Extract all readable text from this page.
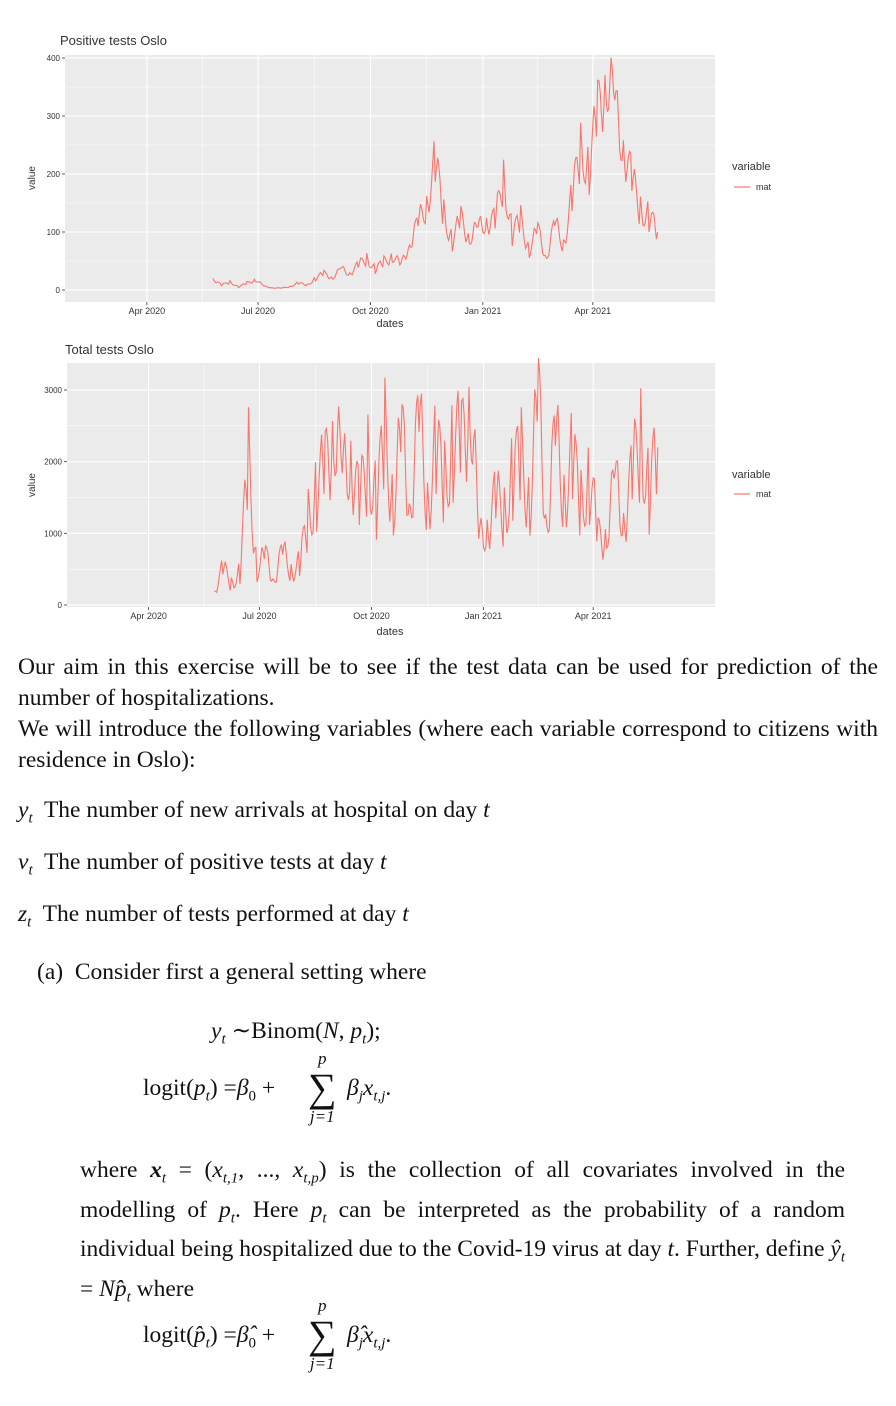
Positive tests Oslo
0
100
200
300
400
Apr 2020	Jul 2020	Oct 2020	Jan 2021	Apr 2021
value
dates
variable
mat
Total tests Oslo
0
1000
2000
3000
Apr 2020	Jul 2020	Oct 2020	Jan 2021	Apr 2021
value
dates
variable
mat

Our aim in this exercise will be to see if the test data can be used for prediction of the number of hospitalizations.
We will introduce the following variables (where each variable correspond to citizens with residence in Oslo):

$y_t$ The number of new arrivals at hospital on day t

$v_t$ The number of positive tests at day t

$z_t$ The number of tests performed at day t

(a) Consider first a general setting where

$y_t$ ∼Binom(N, $p_t$);
$logit(p_t) =\beta_0$ +
p
∑
j=1
$\beta_jx_{t,j}$.

where $x_t = (x_{t,1}$, ..., $x_{t,p}$) is the collection of all covariates involved in the modelling of $p_t$. Here $p_t$ can be interpreted as the probability of a random individual being hospitalized due to the Covid-19 virus at day t. Further, define $ŷ_t$ = $Np̂_t$ where

$logit(p̂_t)$ $=\betâ_0$ +
p
∑
j=1
$\betâ_jx_{t,j}$.
